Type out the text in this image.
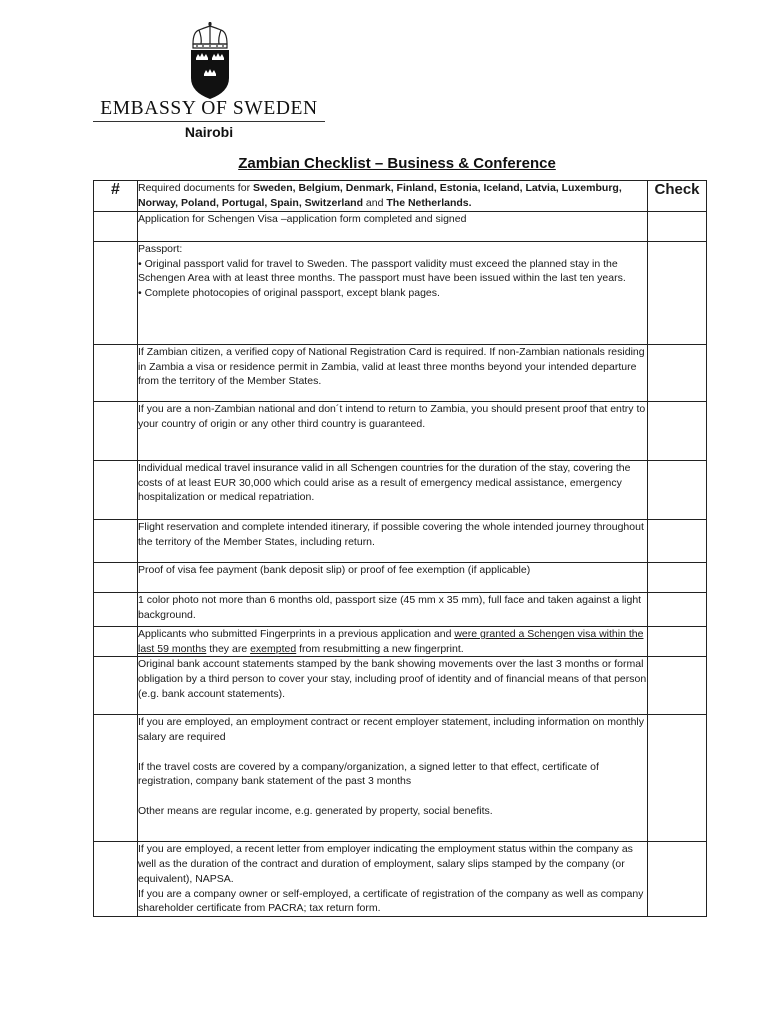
EMBASSY OF SWEDEN
Nairobi
Zambian Checklist – Business & Conference
#	Required documents for Sweden, Belgium, Denmark, Finland, Estonia, Iceland, Latvia, Luxemburg, Norway, Poland, Portugal, Spain, Switzerland and The Netherlands.	Check
	Application for Schengen Visa –application form completed and signed	
	Passport:
• Original passport valid for travel to Sweden. The passport validity must exceed the planned stay in the Schengen Area with at least three months. The passport must have been issued within the last ten years.
• Complete photocopies of original passport, except blank pages.	
	If Zambian citizen, a verified copy of National Registration Card is required. If non-Zambian nationals residing in Zambia a visa or residence permit in Zambia, valid at least three months beyond your intended departure from the territory of the Member States.	
	If you are a non-Zambian national and don´t intend to return to Zambia, you should present proof that entry to your country of origin or any other third country is guaranteed.	
	Individual medical travel insurance valid in all Schengen countries for the duration of the stay, covering the costs of at least EUR 30,000 which could arise as a result of emergency medical assistance, emergency hospitalization or medical repatriation.	
	Flight reservation and complete intended itinerary, if possible covering the whole intended journey throughout the territory of the Member States, including return.	
	Proof of visa fee payment (bank deposit slip) or proof of fee exemption (if applicable)	
	1 color photo not more than 6 months old, passport size (45 mm x 35 mm), full face and taken against a light background.	
	Applicants who submitted Fingerprints in a previous application and were granted a Schengen visa within the last 59 months they are exempted from resubmitting a new fingerprint.	
	Original bank account statements stamped by the bank showing movements over the last 3 months or formal obligation by a third person to cover your stay, including proof of identity and of financial means of that person (e.g. bank account statements).	
	If you are employed, an employment contract or recent employer statement, including information on monthly salary are required

If the travel costs are covered by a company/organization, a signed letter to that effect, certificate of registration, company bank statement of the past 3 months

Other means are regular income, e.g. generated by property, social benefits.	
	If you are employed, a recent letter from employer indicating the employment status within the company as well as the duration of the contract and duration of employment, salary slips stamped by the company (or equivalent), NAPSA.
If you are a company owner or self-employed, a certificate of registration of the company as well as company shareholder certificate from PACRA; tax return form.	
